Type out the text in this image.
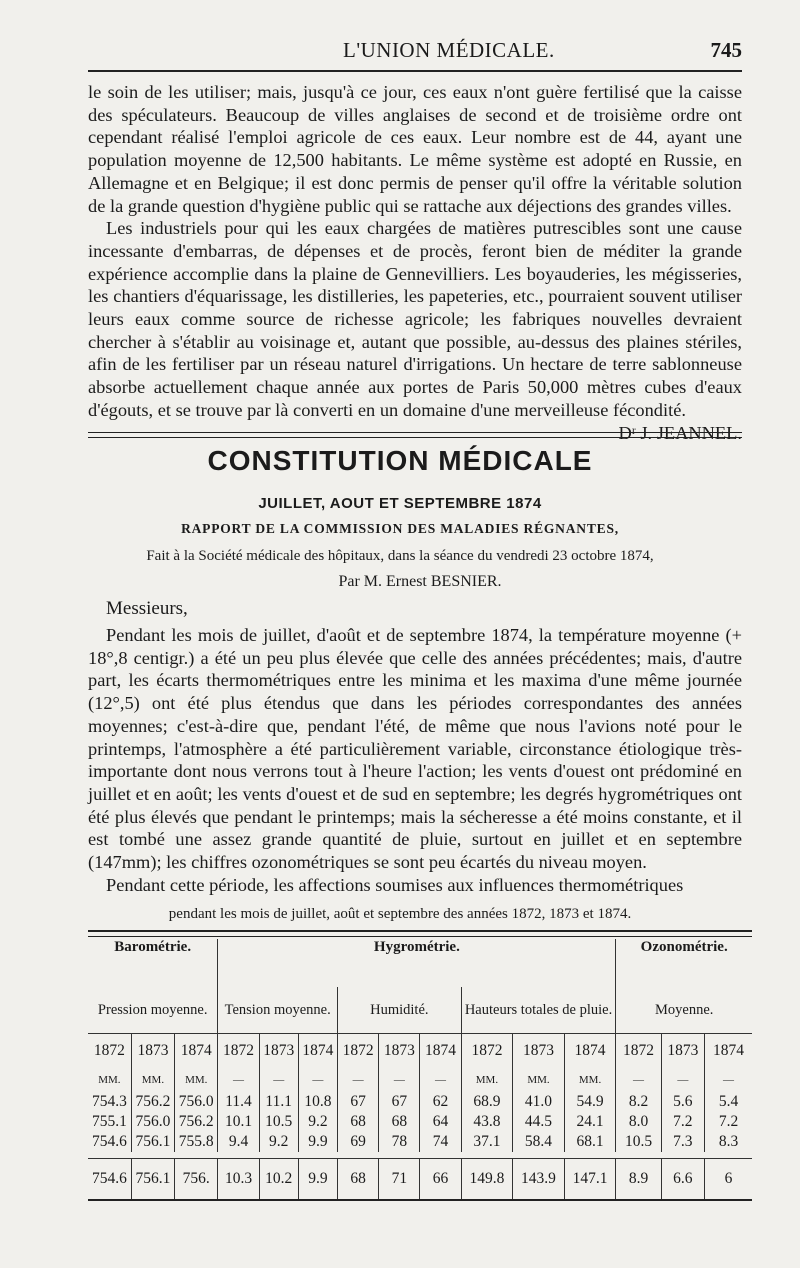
L'UNION MÉDICALE.	745

le soin de les utiliser; mais, jusqu'à ce jour, ces eaux n'ont guère fertilisé que la caisse des spéculateurs. Beaucoup de villes anglaises de second et de troisième ordre ont cependant réalisé l'emploi agricole de ces eaux. Leur nombre est de 44, ayant une population moyenne de 12,500 habitants. Le même système est adopté en Russie, en Allemagne et en Belgique; il est donc permis de penser qu'il offre la véritable solution de la grande question d'hygiène public qui se rattache aux déjections des grandes villes.

Les industriels pour qui les eaux chargées de matières putrescibles sont une cause incessante d'embarras, de dépenses et de procès, feront bien de méditer la grande expérience accomplie dans la plaine de Gennevilliers. Les boyauderies, les mégisseries, les chantiers d'équarissage, les distilleries, les papeteries, etc., pourraient souvent utiliser leurs eaux comme source de richesse agricole; les fabriques nouvelles devraient chercher à s'établir au voisinage et, autant que possible, au-dessus des plaines stériles, afin de les fertiliser par un réseau naturel d'irrigations. Un hectare de terre sablonneuse absorbe actuellement chaque année aux portes de Paris 50,000 mètres cubes d'eaux d'égouts, et se trouve par là converti en un domaine d'une merveilleuse fécondité.

Dʳ J. JEANNEL.

CONSTITUTION MÉDICALE
JUILLET, AOUT ET SEPTEMBRE 1874
RAPPORT DE LA COMMISSION DES MALADIES RÉGNANTES,
Fait à la Société médicale des hôpitaux, dans la séance du vendredi 23 octobre 1874,
Par M. Ernest BESNIER.
Messieurs,

Pendant les mois de juillet, d'août et de septembre 1874, la température moyenne (+ 18°,8 centigr.) a été un peu plus élevée que celle des années précédentes; mais, d'autre part, les écarts thermométriques entre les minima et les maxima d'une même journée (12°,5) ont été plus étendus que dans les périodes correspondantes des années moyennes; c'est-à-dire que, pendant l'été, de même que nous l'avions noté pour le printemps, l'atmosphère a été particulièrement variable, circonstance étiologique très-importante dont nous verrons tout à l'heure l'action; les vents d'ouest ont prédominé en juillet et en août; les vents d'ouest et de sud en septembre; les degrés hygrométriques ont été plus élevés que pendant le printemps; mais la sécheresse a été moins constante, et il est tombé une assez grande quantité de pluie, surtout en juillet et en septembre (147mm); les chiffres ozonométriques se sont peu écartés du niveau moyen.

Pendant cette période, les affections soumises aux influences thermométriques

pendant les mois de juillet, août et septembre des années 1872, 1873 et 1874.
Barométrie.			Hygrométrie.									Ozonométrie.		
Pression moyenne.			Tension moyenne.			Humidité.			Hauteurs totales de pluie.			Moyenne.		
1872	1873	1874	1872	1873	1874	1872	1873	1874	1872	1873	1874	1872	1873	1874
MM.	MM.	MM.	—	—	—	—	—	—	MM.	MM.	MM.	—	—	—
754.3	756.2	756.0	11.4	11.1	10.8	67	67	62	68.9	41.0	54.9	8.2	5.6	5.4
755.1	756.0	756.2	10.1	10.5	9.2	68	68	64	43.8	44.5	24.1	8.0	7.2	7.2
754.6	756.1	755.8	9.4	9.2	9.9	69	78	74	37.1	58.4	68.1	10.5	7.3	8.3

754.6	756.1	756.	10.3	10.2	9.9	68	71	66	149.8	143.9	147.1	8.9	6.6	6
